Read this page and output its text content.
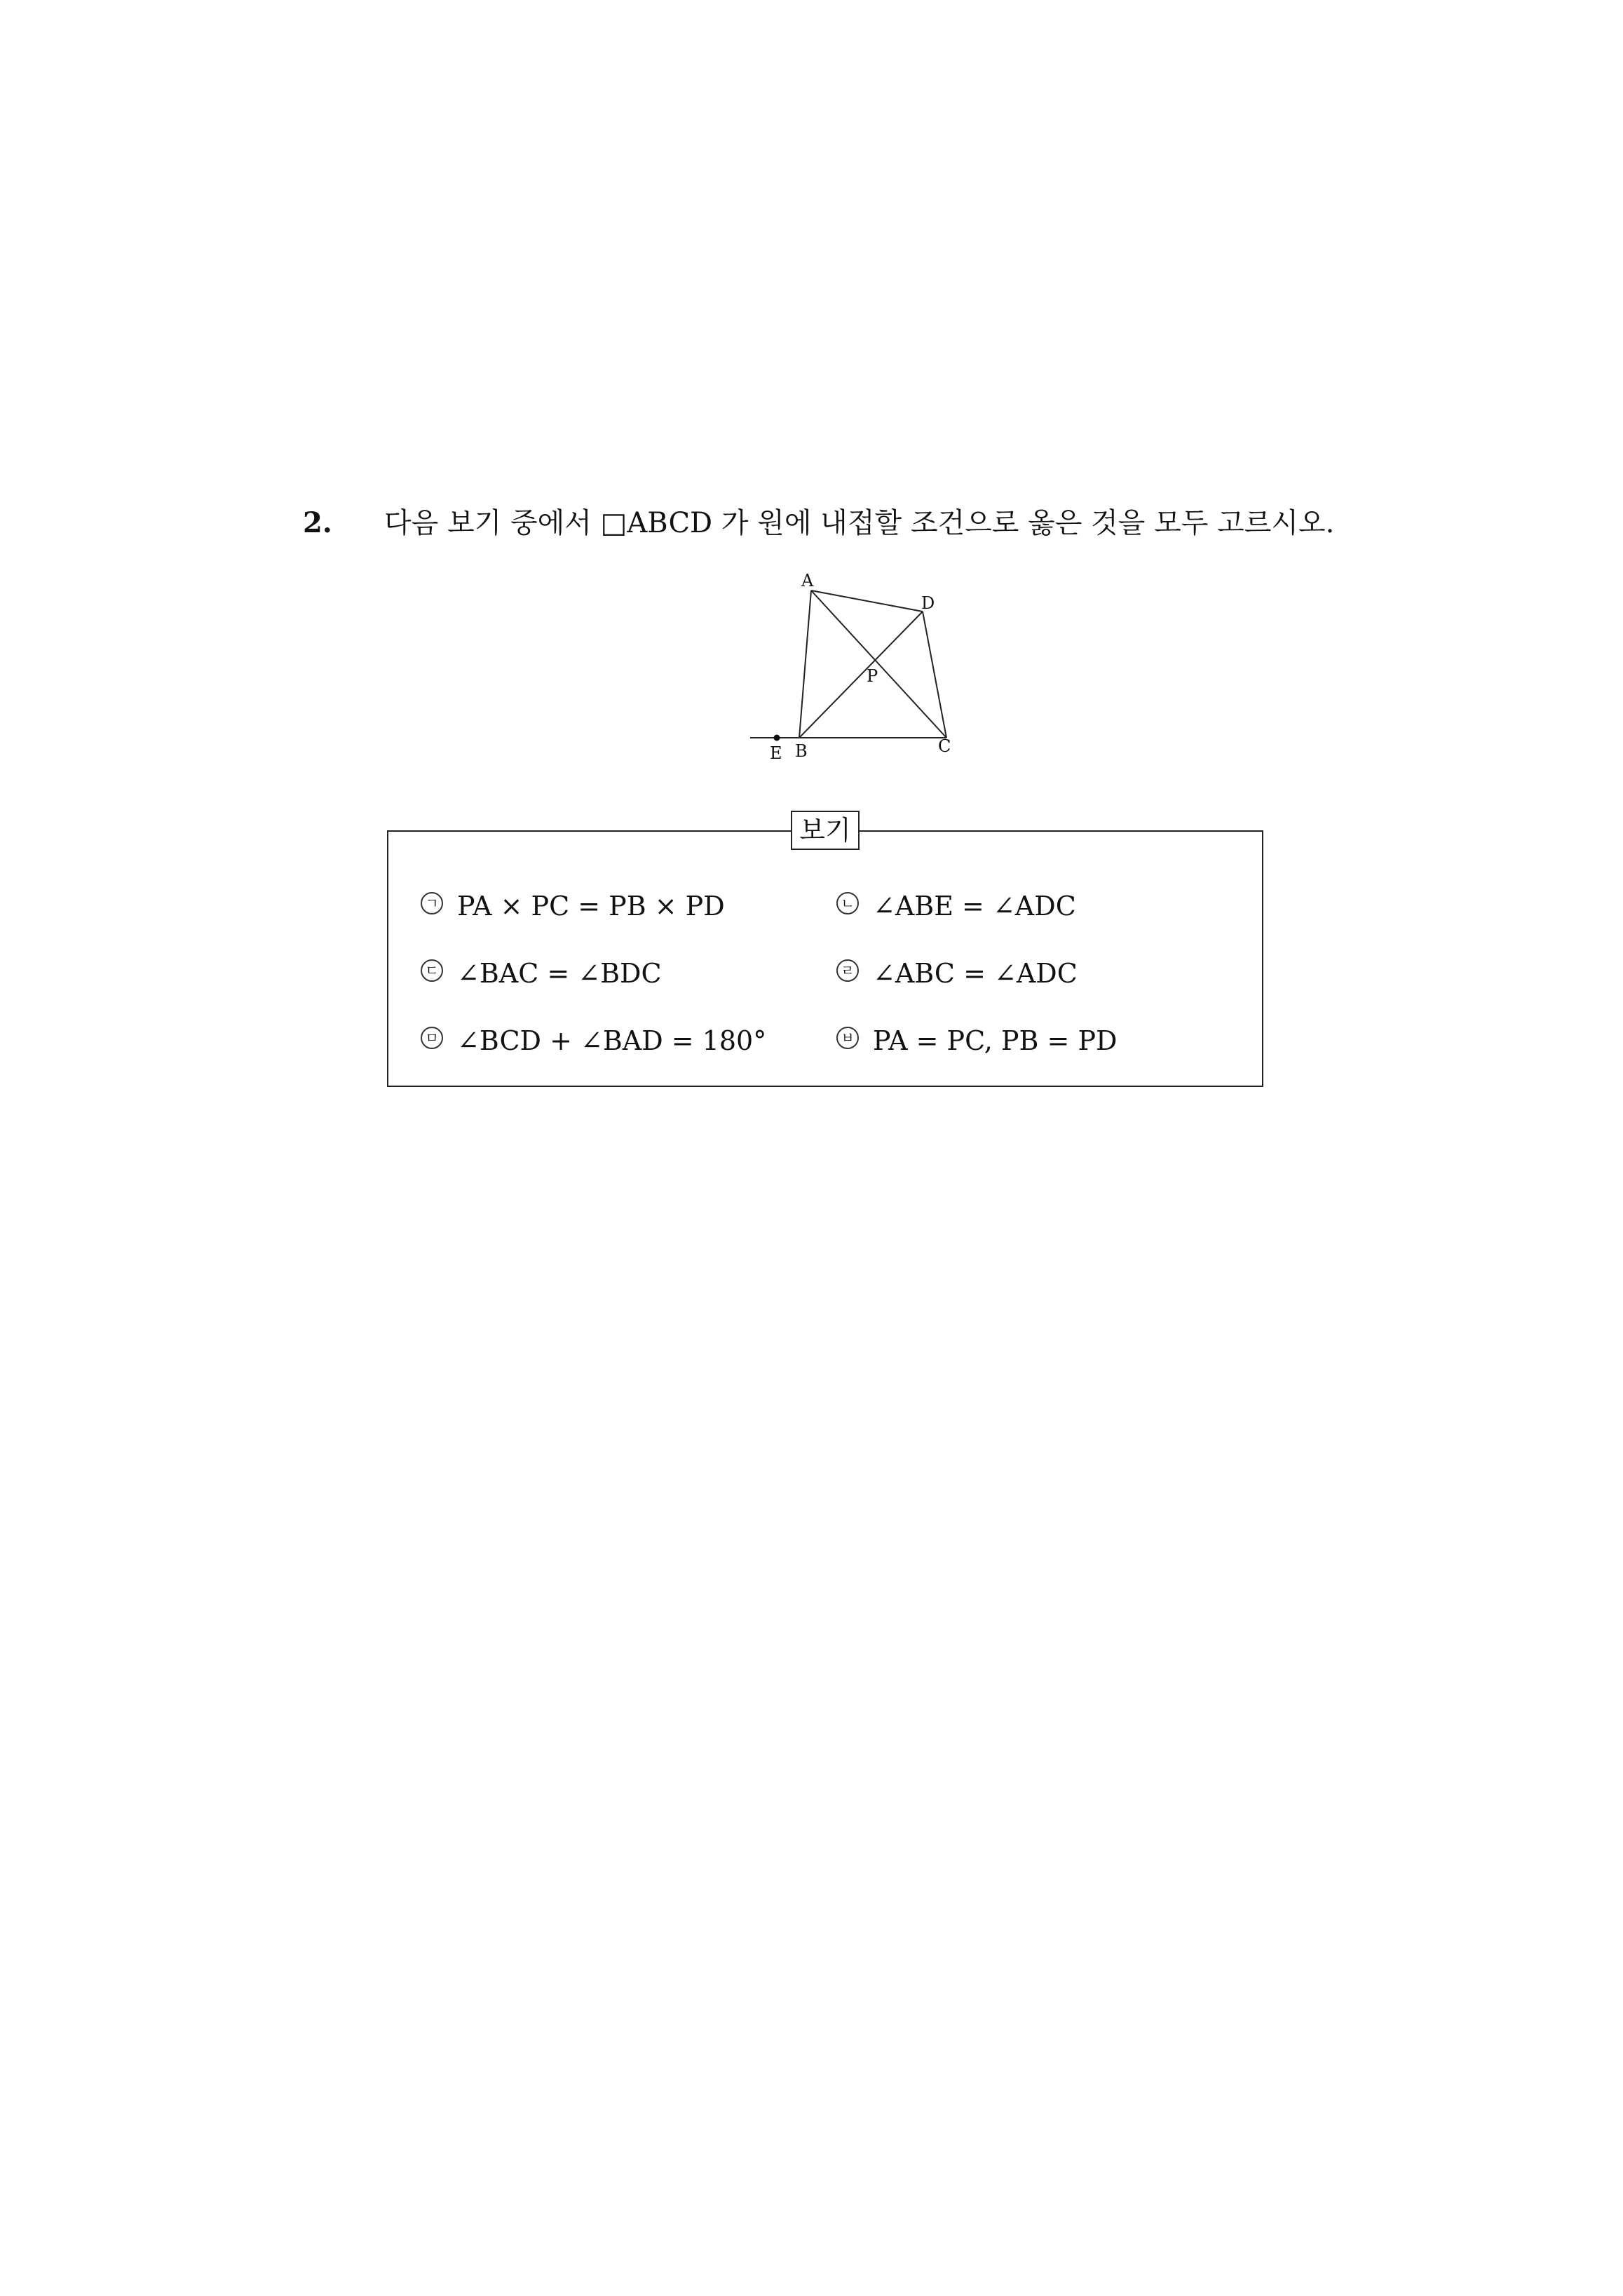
2. 다음 보기 중에서 □ABCD 가 원에 내접할 조건으로 옳은 것을 모두 고르시오.
A
D
P
E B	C
보기
ㄱ PA × PC = PB × PD	ㄴ ∠ABE = ∠ADC
ㄷ ∠BAC = ∠BDC	ㄹ ∠ABC = ∠ADC
ㅁ ∠BCD + ∠BAD = 180°	ㅂ PA = PC, PB = PD
